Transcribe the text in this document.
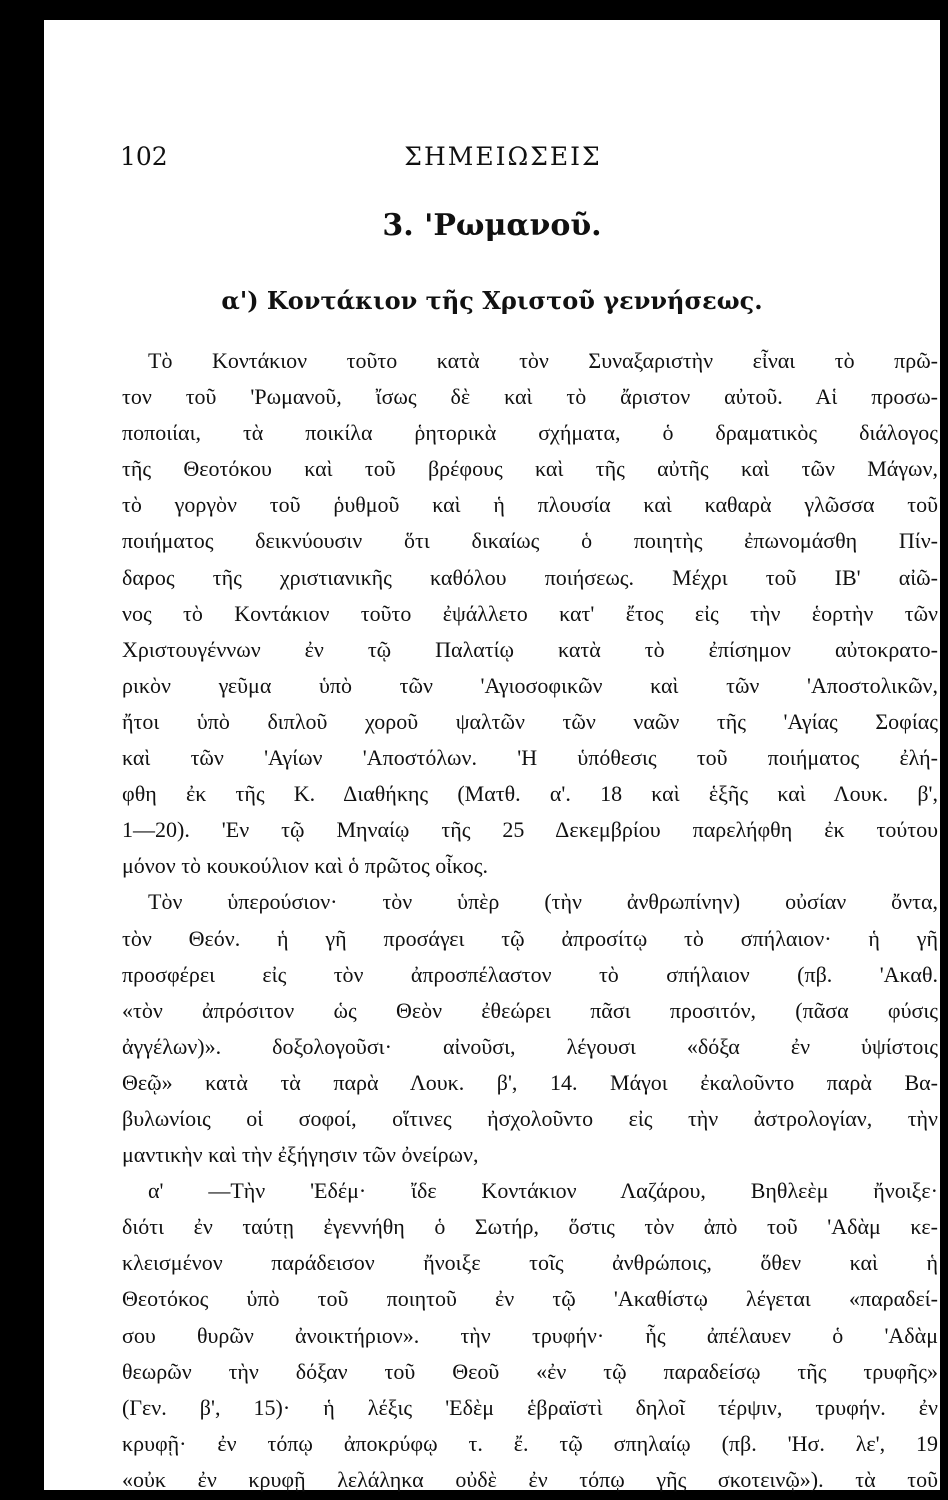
102	ΣΗΜΕΙΩΣΕΙΣ
3. 'Ρωμανοῦ.
α') Κοντάκιον τῆς Χριστοῦ γεννήσεως.
Τὸ Κοντάκιον τοῦτο κατὰ τὸν Συναξαριστὴν εἶναι τὸ πρῶ-
τον τοῦ 'Ρωμανοῦ, ἴσως δὲ καὶ τὸ ἄριστον αὐτοῦ. Αἱ προσω-
ποποιίαι, τὰ ποικίλα ῥητορικὰ σχήματα, ὁ δραματικὸς διάλογος
τῆς Θεοτόκου καὶ τοῦ βρέφους καὶ τῆς αὐτῆς καὶ τῶν Μάγων,
τὸ γοργὸν τοῦ ῥυθμοῦ καὶ ἡ πλουσία καὶ καθαρὰ γλῶσσα τοῦ
ποιήματος δεικνύουσιν ὅτι δικαίως ὁ ποιητὴς ἐπωνομάσθη Πίν-
δαρος τῆς χριστιανικῆς καθόλου ποιήσεως. Μέχρι τοῦ ΙΒ' αἰῶ-
νος τὸ Κοντάκιον τοῦτο ἐψάλλετο κατ' ἔτος εἰς τὴν ἑορτὴν τῶν
Χριστουγέννων ἐν τῷ Παλατίῳ κατὰ τὸ ἐπίσημον αὐτοκρατο-
ρικὸν γεῦμα ὑπὸ τῶν 'Αγιοσοφικῶν καὶ τῶν 'Αποστολικῶν,
ἤτοι ὑπὸ διπλοῦ χοροῦ ψαλτῶν τῶν ναῶν τῆς 'Αγίας Σοφίας
καὶ τῶν 'Αγίων 'Αποστόλων. 'Η ὑπόθεσις τοῦ ποιήματος ἐλή-
φθη ἐκ τῆς Κ. Διαθήκης (Ματθ. α'. 18 καὶ ἑξῆς καὶ Λουκ. β',
1—20). 'Εν τῷ Μηναίῳ τῆς 25 Δεκεμβρίου παρελήφθη ἐκ τούτου
μόνον τὸ κουκούλιον καὶ ὁ πρῶτος οἶκος.
Τὸν ὑπερούσιον· τὸν ὑπὲρ (τὴν ἀνθρωπίνην) οὐσίαν ὄντα,
τὸν Θεόν. ἡ γῆ προσάγει τῷ ἀπροσίτῳ τὸ σπήλαιον· ἡ γῆ
προσφέρει εἰς τὸν ἀπροσπέλαστον τὸ σπήλαιον (πβ. 'Ακαθ.
«τὸν ἀπρόσιτον ὡς Θεὸν ἐθεώρει πᾶσι προσιτόν, (πᾶσα φύσις
ἀγγέλων)». δοξολογοῦσι· αἰνοῦσι, λέγουσι «δόξα ἐν ὑψίστοις
Θεῷ» κατὰ τὰ παρὰ Λουκ. β', 14. Μάγοι ἐκαλοῦντο παρὰ Βα-
βυλωνίοις οἱ σοφοί, οἵτινες ἠσχολοῦντο εἰς τὴν ἀστρολογίαν, τὴν
μαντικὴν καὶ τὴν ἐξήγησιν τῶν ὀνείρων,
α' —Τὴν 'Εδέμ· ἴδε Κοντάκιον Λαζάρου, Βηθλεὲμ ἤνοιξε·
διότι ἐν ταύτῃ ἐγεννήθη ὁ Σωτήρ, ὅστις τὸν ἀπὸ τοῦ 'Αδὰμ κε-
κλεισμένον παράδεισον ἤνοιξε τοῖς ἀνθρώποις, ὅθεν καὶ ἡ
Θεοτόκος ὑπὸ τοῦ ποιητοῦ ἐν τῷ 'Ακαθίστῳ λέγεται «παραδεί-
σου θυρῶν ἀνοικτήριον». τὴν τρυφήν· ἧς ἀπέλαυεν ὁ 'Αδὰμ
θεωρῶν τὴν δόξαν τοῦ Θεοῦ «ἐν τῷ παραδείσῳ τῆς τρυφῆς»
(Γεν. β', 15)· ἡ λέξις 'Εδὲμ ἑβραϊστὶ δηλοῖ τέρψιν, τρυφήν. ἐν
κρυφῇ· ἐν τόπῳ ἀποκρύφῳ τ. ἔ. τῷ σπηλαίῳ (πβ. 'Ησ. λε', 19
«οὐκ ἐν κρυφῇ λελάληκα οὐδὲ ἐν τόπῳ γῆς σκοτεινῷ»). τὰ τοῦ
